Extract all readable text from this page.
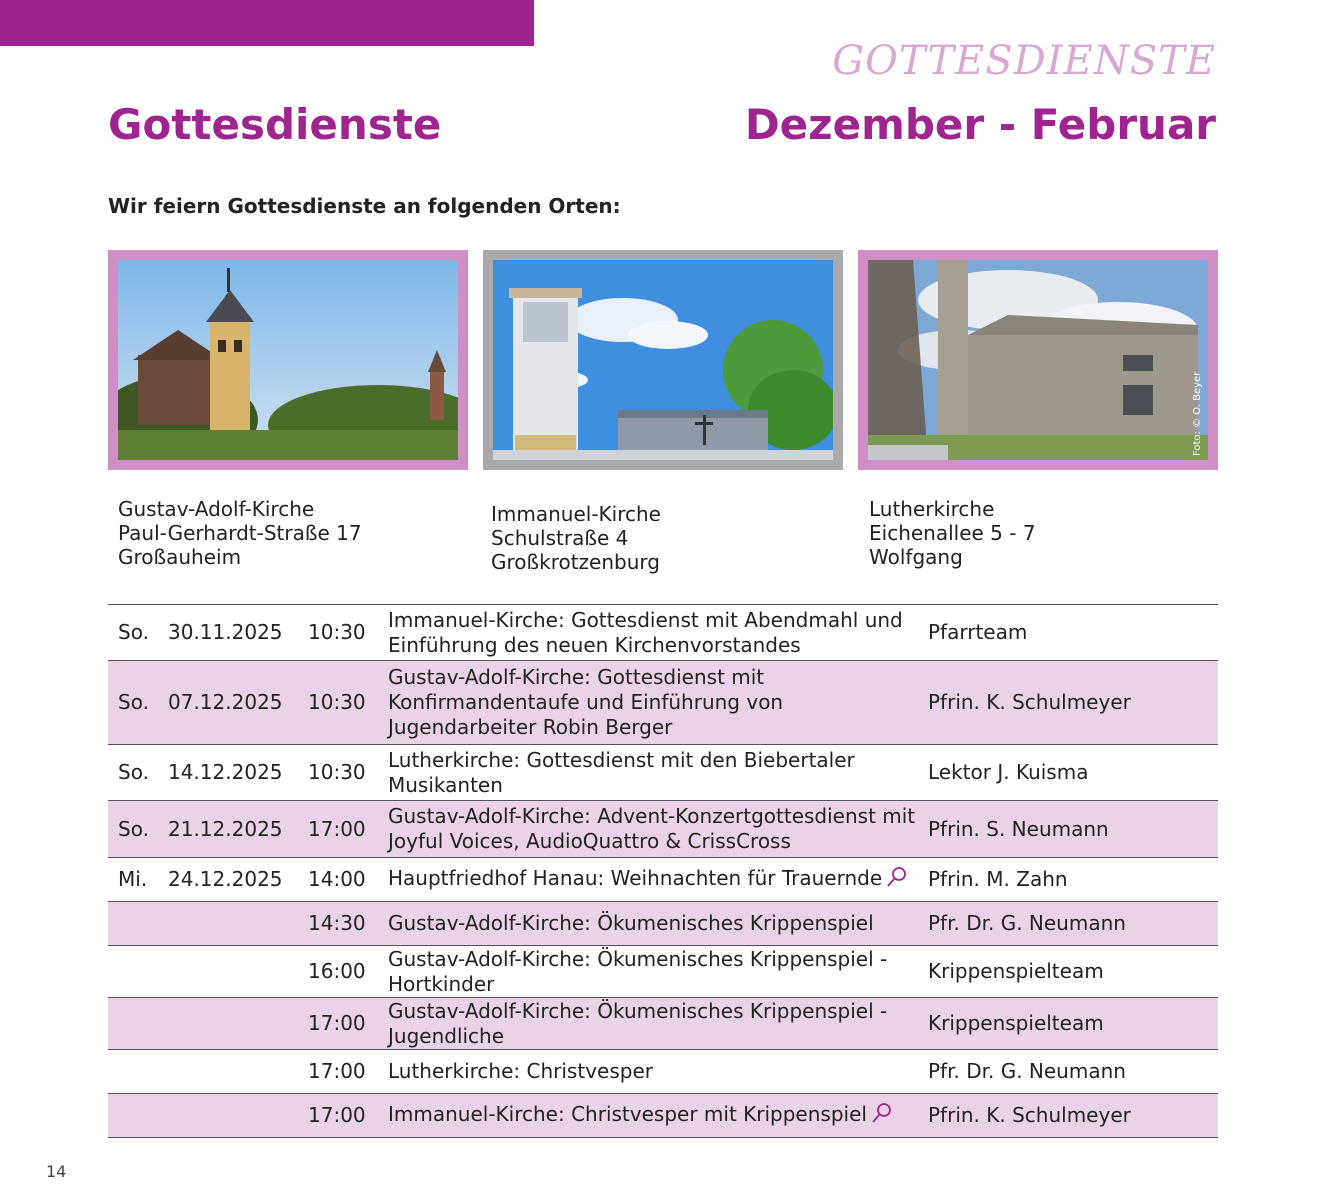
GOTTESDIENSTE
Gottesdienste	Dezember - Februar
Wir feiern Gottesdienste an folgenden Orten:
Foto: © O. Beyer
Gustav-Adolf-Kirche
Paul-Gerhardt-Straße 17
Großauheim
Immanuel-Kirche
Schulstraße 4
Großkrotzenburg
Lutherkirche
Eichenallee 5 - 7
Wolfgang
So.	30.11.2025	10:30	Immanuel-Kirche: Gottesdienst mit Abendmahl und Einführung des neuen Kirchenvorstandes	Pfarrteam
So.	07.12.2025	10:30	Gustav-Adolf-Kirche: Gottesdienst mit Konfirmandentaufe und Einführung von Jugendarbeiter Robin Berger	Pfrin. K. Schulmeyer
So.	14.12.2025	10:30	Lutherkirche: Gottesdienst mit den Biebertaler Musikanten	Lektor J. Kuisma
So.	21.12.2025	17:00	Gustav-Adolf-Kirche: Advent-Konzertgottesdienst mit Joyful Voices, AudioQuattro & CrissCross	Pfrin. S. Neumann
Mi.	24.12.2025	14:00	Hauptfriedhof Hanau: Weihnachten für Trauernde	Pfrin. M. Zahn
		14:30	Gustav-Adolf-Kirche: Ökumenisches Krippenspiel	Pfr. Dr. G. Neumann
		16:00	Gustav-Adolf-Kirche: Ökumenisches Krippenspiel - Hortkinder	Krippenspielteam
		17:00	Gustav-Adolf-Kirche: Ökumenisches Krippenspiel - Jugendliche	Krippenspielteam
		17:00	Lutherkirche: Christvesper	Pfr. Dr. G. Neumann
		17:00	Immanuel-Kirche: Christvesper mit Krippenspiel	Pfrin. K. Schulmeyer
14
